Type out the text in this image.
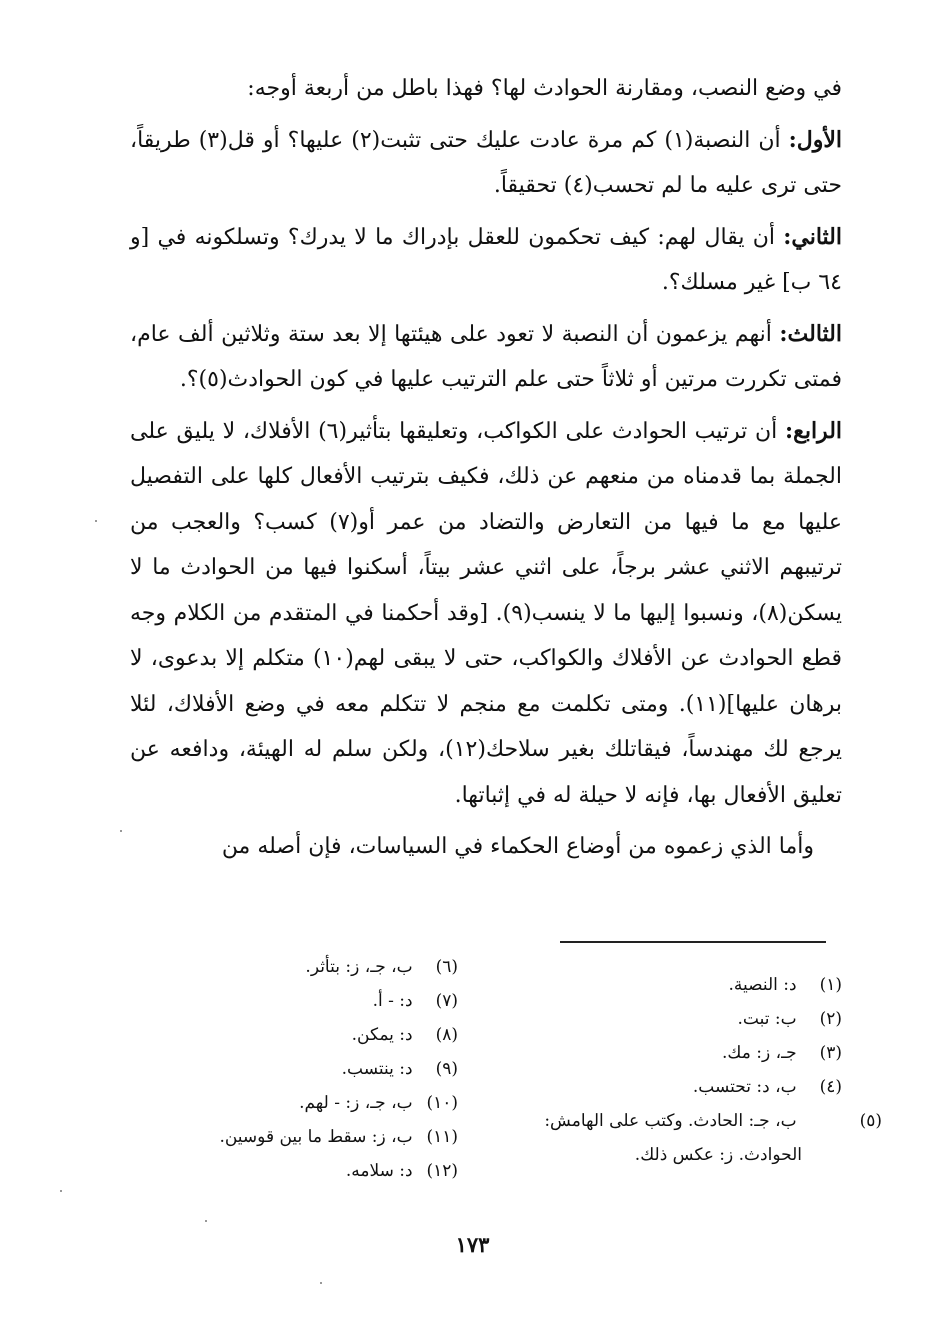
في وضع النصب، ومقارنة الحوادث لها؟ فهذا باطل من أربعة أوجه:

الأول: أن النصبة(١) كم مرة عادت عليك حتى تثبت(٢) عليها؟ أو قل(٣) طريقاً، حتى ترى عليه ما لم تحسب(٤) تحقيقاً.

الثاني: أن يقال لهم: كيف تحكمون للعقل بإدراك ما لا يدرك؟ وتسلكونه في [و ٦٤ ب] غير مسلك؟.

الثالث: أنهم يزعمون أن النصبة لا تعود على هيئتها إلا بعد ستة وثلاثين ألف عام، فمتى تكررت مرتين أو ثلاثاً حتى علم الترتيب عليها في كون الحوادث(٥)؟.

الرابع: أن ترتيب الحوادث على الكواكب، وتعليقها بتأثير(٦) الأفلاك، لا يليق على الجملة بما قدمناه من منعهم عن ذلك، فكيف بترتيب الأفعال كلها على التفصيل عليها مع ما فيها من التعارض والتضاد من عمر أو(٧) كسب؟ والعجب من ترتيبهم الاثني عشر برجاً، على اثني عشر بيتاً، أسكنوا فيها من الحوادث ما لا يسكن(٨)، ونسبوا إليها ما لا ينسب(٩). [وقد أحكمنا في المتقدم من الكلام وجه قطع الحوادث عن الأفلاك والكواكب، حتى لا يبقى لهم(١٠) متكلم إلا بدعوى، لا برهان عليها](١١). ومتى تكلمت مع منجم لا تتكلم معه في وضع الأفلاك، لئلا يرجع لك مهندساً، فيقاتلك بغير سلاحك(١٢)، ولكن سلم له الهيئة، ودافعه عن تعليق الأفعال بها، فإنه لا حيلة له في إثباتها.

وأما الذي زعموه من أوضاع الحكماء في السياسات، فإن أصله من

(١) د: النصية.
(٢) ب: تبت.
(٣) جـ، ز: مك.
(٤) ب، د: تحتسب.
(٥) ب، جـ: الحادث. وكتب على الهامش: الحوادث. ز: عكس ذلك.
(٦) ب، جـ، ز: بتأثر.
(٧) د: - أ.
(٨) د: يمكن.
(٩) د: ينتسب.
(١٠) ب، جـ، ز: - لهم.
(١١) ب، ز: سقط ما بين قوسين.
(١٢) د: سلامه.
١٧٣
